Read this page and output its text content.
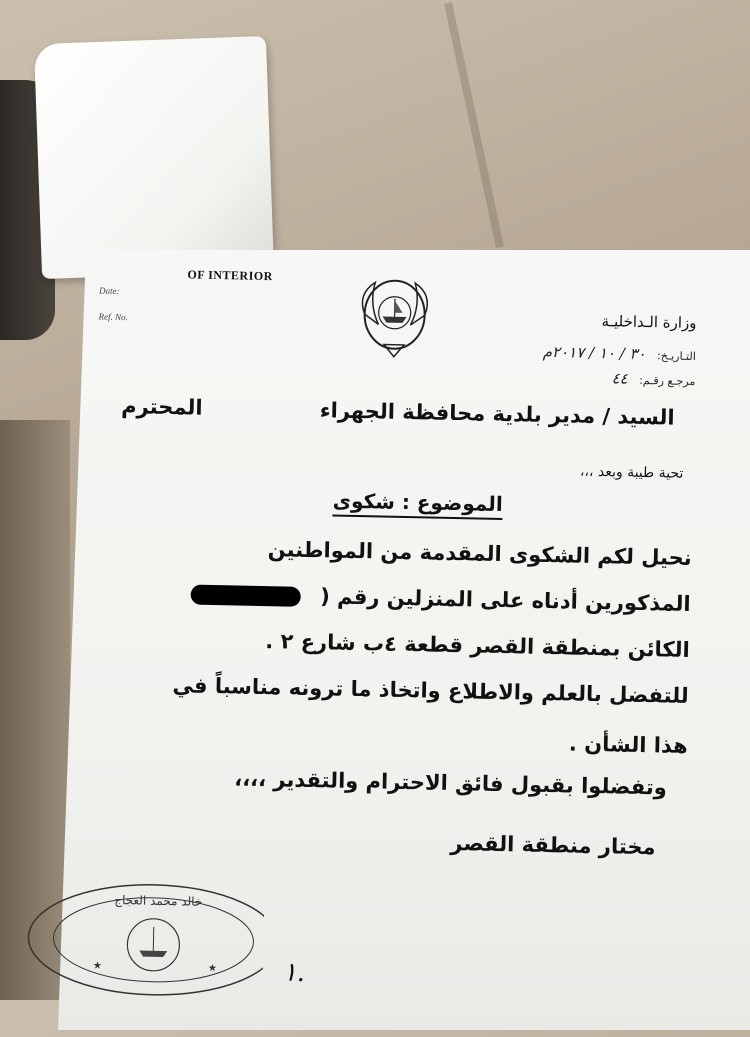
OF INTERIOR
Date:
Ref. No.	وزارة الـداخليـة
التـاريـخ: ٣٠ / ١٠ / ٢٠١٧م
مرجـع رقـم: ٤٤
السيد / مدير بلدية محافظة الجهراء المحترم
تحية طيبة وبعد ،،،
الموضوع : شكوى
نحيل لكم الشكوى المقدمة من المواطنين
المذكورين أدناه على المنزلين رقم (
الكائن بمنطقة القصر قطعة ٤ب شارع ٢ .
للتفضل بالعلم والاطلاع واتخاذ ما ترونه مناسباً في
هذا الشأن .
وتفضلوا بقبول فائق الاحترام والتقدير ،،،،
مختار منطقة القصر
خالد محمد العجاج
★	★	١.
